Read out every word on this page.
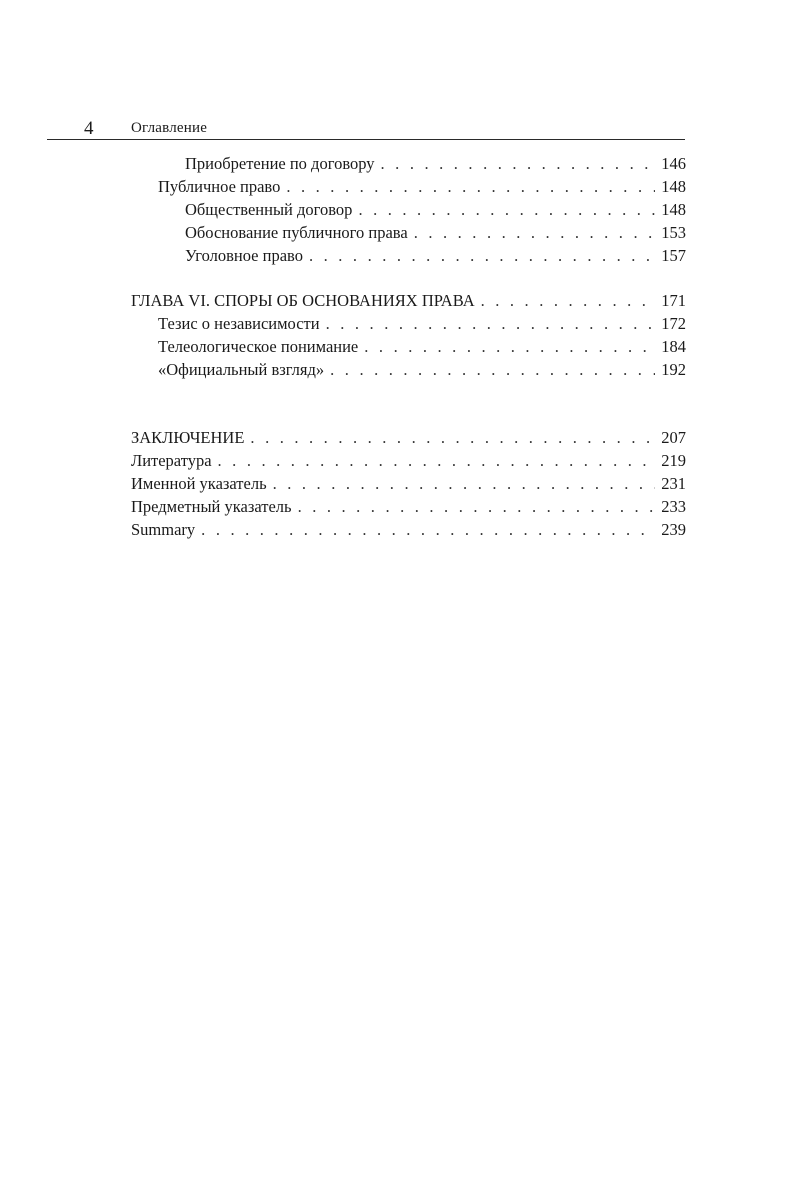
4	Оглавление
Приобретение по договору . . .	146
Публичное право . . .	148
Общественный договор . . .	148
Обоснование публичного права . . .	153
Уголовное право . . .	157
ГЛАВА VI. СПОРЫ ОБ ОСНОВАНИЯХ ПРАВА . . .	171
Тезис о независимости . . .	172
Телеологическое понимание . . .	184
«Официальный взгляд» . . .	192
ЗАКЛЮЧЕНИЕ . . .	207
Литература . . .	219
Именной указатель . . .	231
Предметный указатель . . .	233
Summary . . .	239
